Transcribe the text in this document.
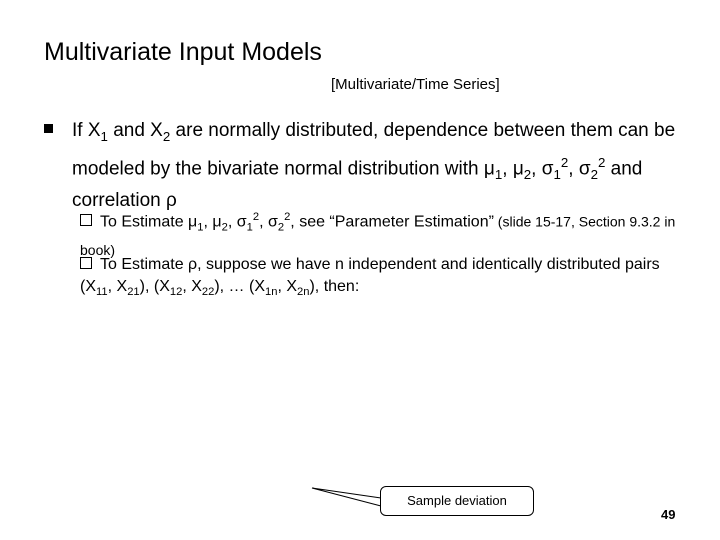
Multivariate Input Models
[Multivariate/Time Series]
If $X_1$ and $X_2$ are normally distributed, dependence between them can be modeled by the bivariate normal distribution with $\mu_1$, $\mu_2$, $\sigma_1^2$, $\sigma_2^2$ and correlation ρ
To Estimate $\mu_1$, $\mu_2$, $\sigma_1^2$, $\sigma_2^2$, see “Parameter Estimation” (slide 15-17, Section 9.3.2 in book)
To Estimate ρ, suppose we have n independent and identically distributed pairs ($X_{11}$, $X_{21}$), ($X_{12}$, $X_{22}$), … ($X_{1n}$, $X_{2n}$), then:
Sample deviation
49
